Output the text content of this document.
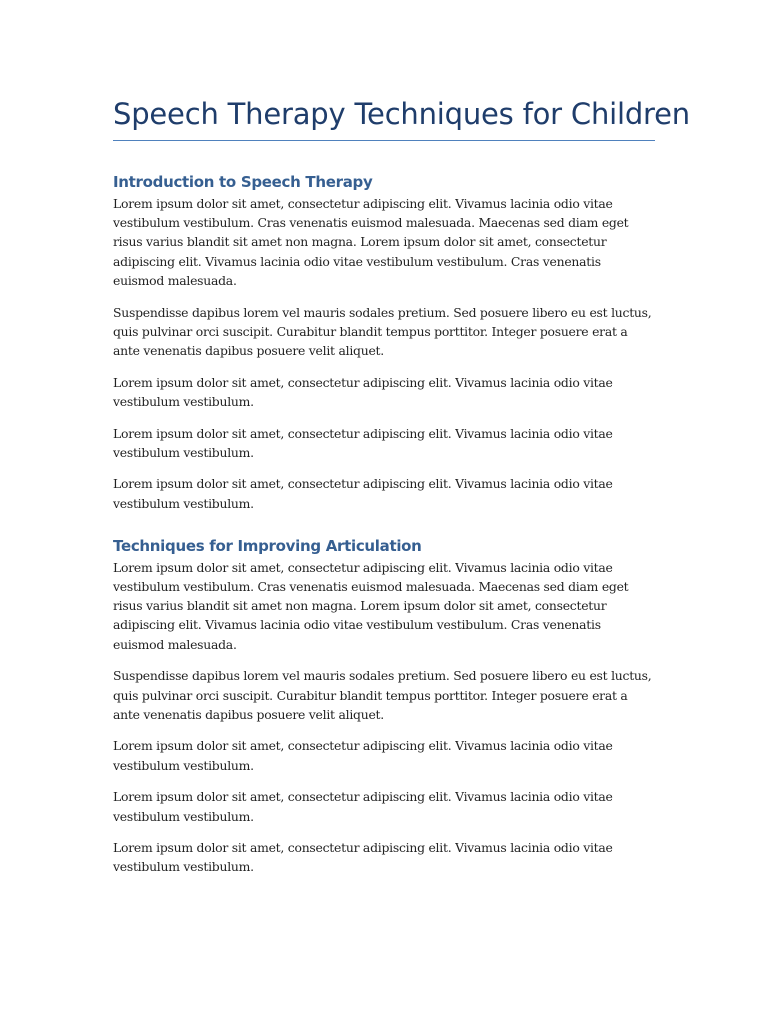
Speech Therapy Techniques for Children
Introduction to Speech Therapy

Lorem ipsum dolor sit amet, consectetur adipiscing elit. Vivamus lacinia odio vitae vestibulum vestibulum. Cras venenatis euismod malesuada. Maecenas sed diam eget risus varius blandit sit amet non magna. Lorem ipsum dolor sit amet, consectetur adipiscing elit. Vivamus lacinia odio vitae vestibulum vestibulum. Cras venenatis euismod malesuada.

Suspendisse dapibus lorem vel mauris sodales pretium. Sed posuere libero eu est luctus, quis pulvinar orci suscipit. Curabitur blandit tempus porttitor. Integer posuere erat a ante venenatis dapibus posuere velit aliquet.

Lorem ipsum dolor sit amet, consectetur adipiscing elit. Vivamus lacinia odio vitae vestibulum vestibulum.

Lorem ipsum dolor sit amet, consectetur adipiscing elit. Vivamus lacinia odio vitae vestibulum vestibulum.

Lorem ipsum dolor sit amet, consectetur adipiscing elit. Vivamus lacinia odio vitae vestibulum vestibulum.

Techniques for Improving Articulation

Lorem ipsum dolor sit amet, consectetur adipiscing elit. Vivamus lacinia odio vitae vestibulum vestibulum. Cras venenatis euismod malesuada. Maecenas sed diam eget risus varius blandit sit amet non magna. Lorem ipsum dolor sit amet, consectetur adipiscing elit. Vivamus lacinia odio vitae vestibulum vestibulum. Cras venenatis euismod malesuada.

Suspendisse dapibus lorem vel mauris sodales pretium. Sed posuere libero eu est luctus, quis pulvinar orci suscipit. Curabitur blandit tempus porttitor. Integer posuere erat a ante venenatis dapibus posuere velit aliquet.

Lorem ipsum dolor sit amet, consectetur adipiscing elit. Vivamus lacinia odio vitae vestibulum vestibulum.

Lorem ipsum dolor sit amet, consectetur adipiscing elit. Vivamus lacinia odio vitae vestibulum vestibulum.

Lorem ipsum dolor sit amet, consectetur adipiscing elit. Vivamus lacinia odio vitae vestibulum vestibulum.
